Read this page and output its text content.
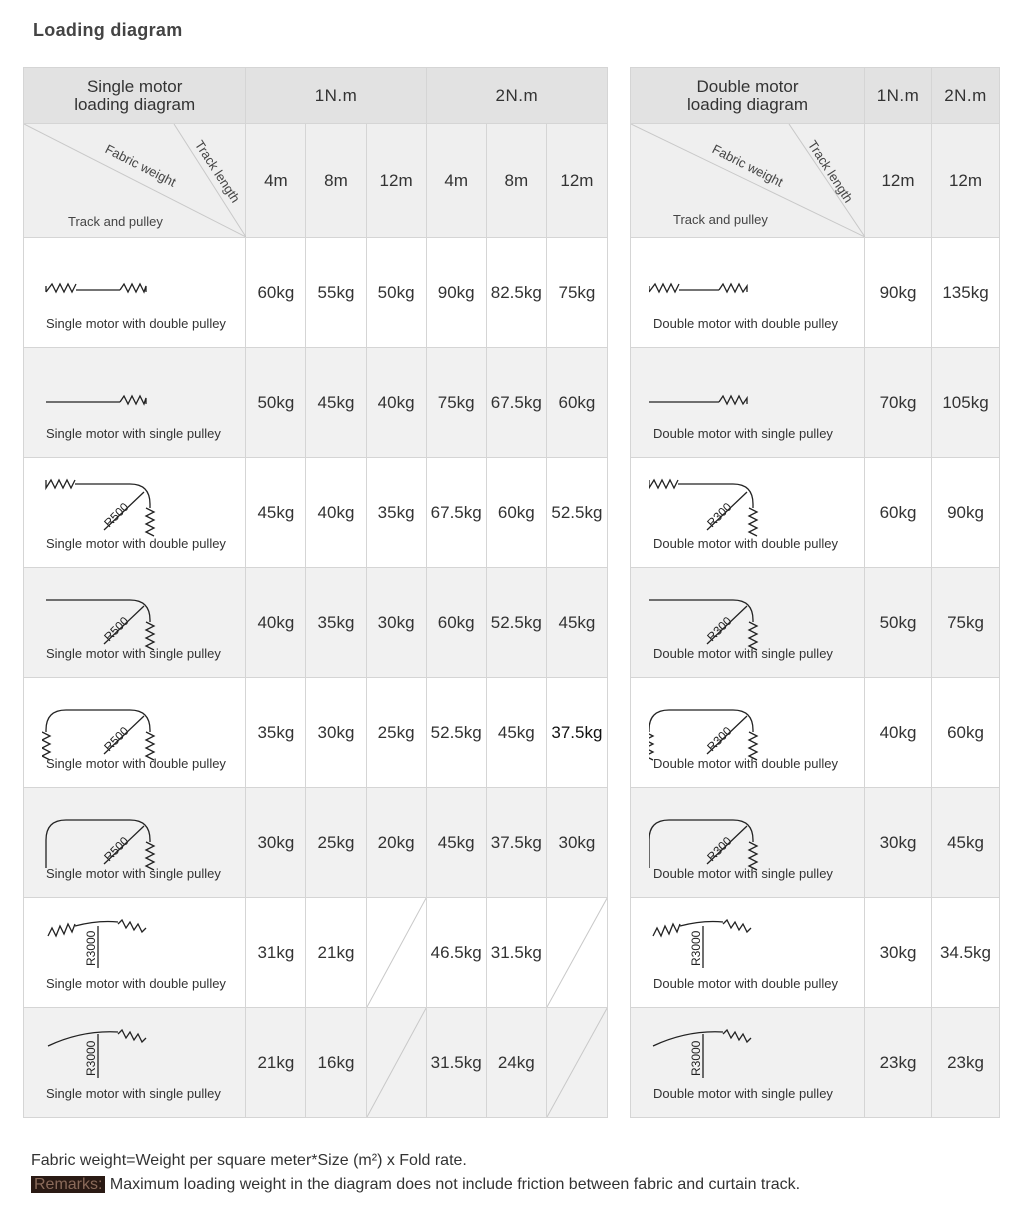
Loading diagram
Single motor
loading diagram	1N.m			2N.m		

Fabric weight Track length
Track and pulley	4m	8m	12m	4m	8m	12m

Single motor with double pulley	60kg	55kg	50kg	90kg	82.5kg	75kg

Single motor with single pulley	50kg	45kg	40kg	75kg	67.5kg	60kg

R500
Single motor with double pulley	45kg	40kg	35kg	67.5kg	60kg	52.5kg

R500
Single motor with single pulley	40kg	35kg	30kg	60kg	52.5kg	45kg

R500
Single motor with double pulley	35kg	30kg	25kg	52.5kg	45kg	37.5kg

R500
Single motor with single pulley	30kg	25kg	20kg	45kg	37.5kg	30kg

R3000
Single motor with double pulley	31kg	21kg		46.5kg	31.5kg	

R3000
Single motor with single pulley	21kg	16kg		31.5kg	24kg	
Double motor
loading diagram	1N.m	2N.m

Fabric weight Track length
Track and pulley	12m	12m

Double motor with double pulley	90kg	135kg

Double motor with single pulley	70kg	105kg

R300
Double motor with double pulley	60kg	90kg

R300
Double motor with single pulley	50kg	75kg

R300
Double motor with double pulley	40kg	60kg

R300
Double motor with single pulley	30kg	45kg

R3000
Double motor with double pulley	30kg	34.5kg

R3000
Double motor with single pulley	23kg	23kg
Fabric weight=Weight per square meter*Size (m²) x Fold rate.
Remarks: Maximum loading weight in the diagram does not include friction between fabric and curtain track.
